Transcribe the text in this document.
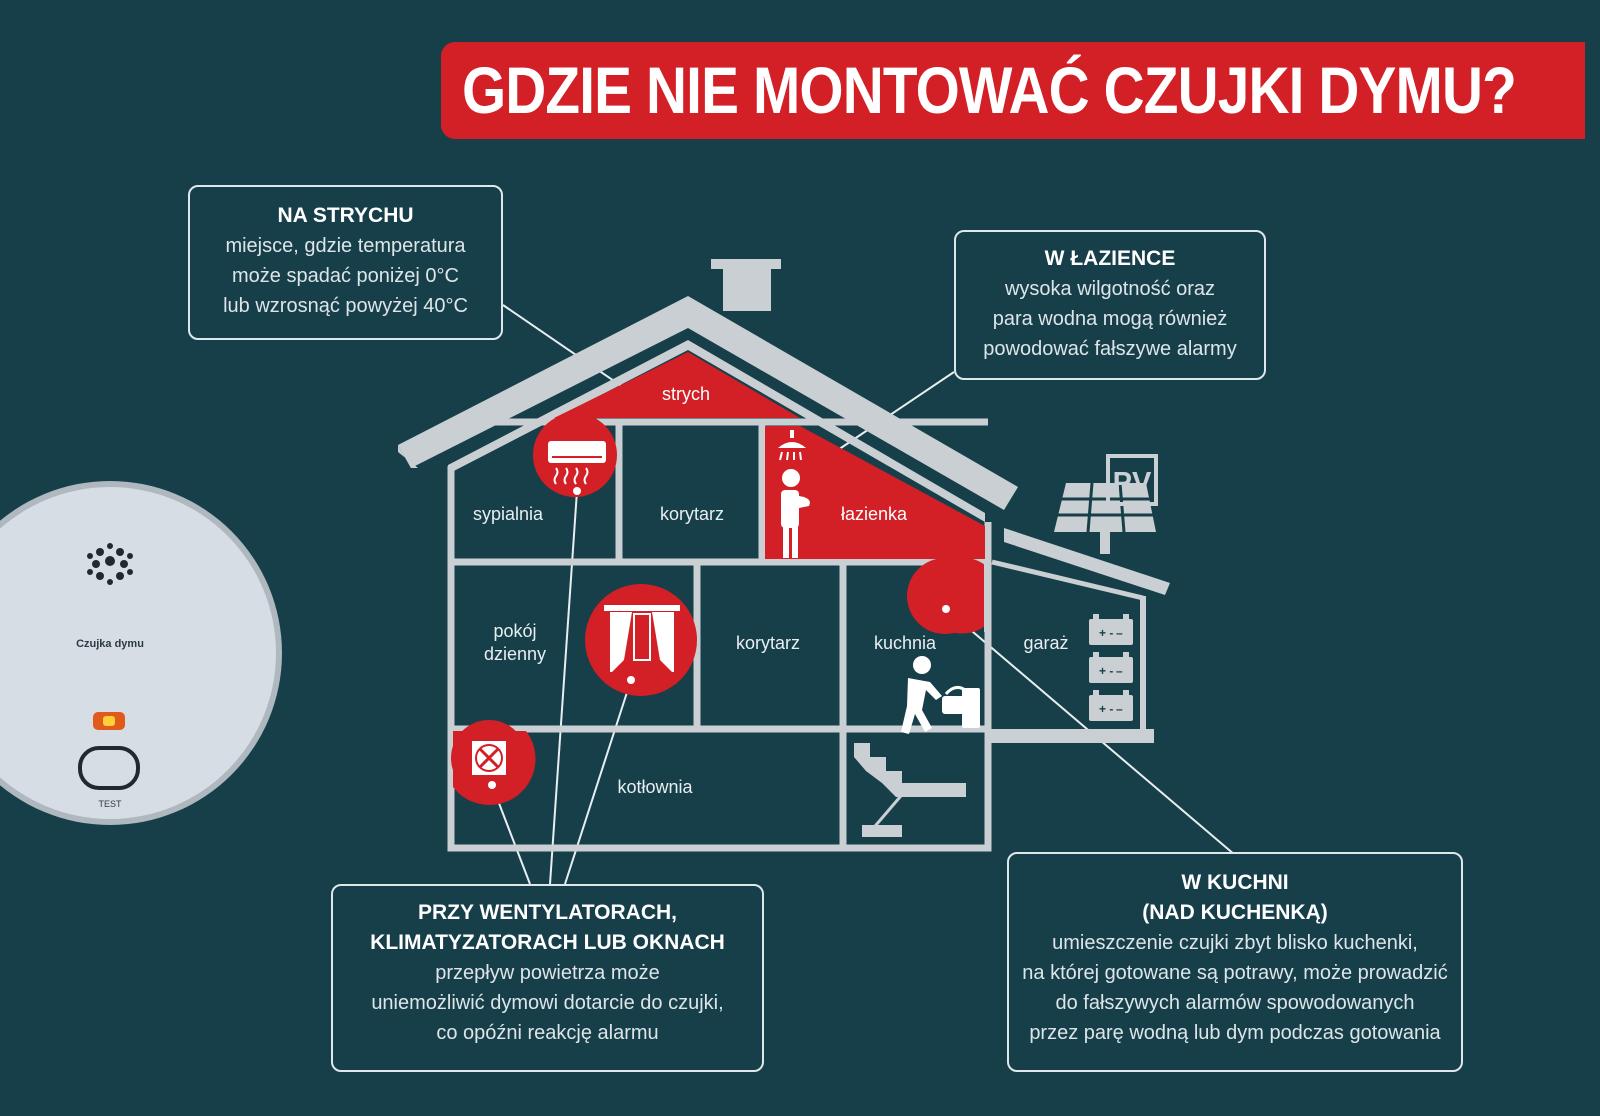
GDZIE NIE MONTOWAĆ CZUJKI DYMU?
PV
+ - –
+ - –
+ - –
strych
sypialnia	korytarz	łazienka
pokój
dzienny
korytarz	kuchnia	garaż
kotłownia
Czujka dymu
TEST
NA STRYCHU
miejsce, gdzie temperatura
może spadać poniżej 0°C
lub wzrosnąć powyżej 40°C
W ŁAZIENCE
wysoka wilgotność oraz
para wodna mogą również
powodować fałszywe alarmy
PRZY WENTYLATORACH,
KLIMATYZATORACH LUB OKNACH
przepływ powietrza może
uniemożliwić dymowi dotarcie do czujki,
co opóźni reakcję alarmu
W KUCHNI
(NAD KUCHENKĄ)
umieszczenie czujki zbyt blisko kuchenki,
na której gotowane są potrawy, może prowadzić
do fałszywych alarmów spowodowanych
przez parę wodną lub dym podczas gotowania
